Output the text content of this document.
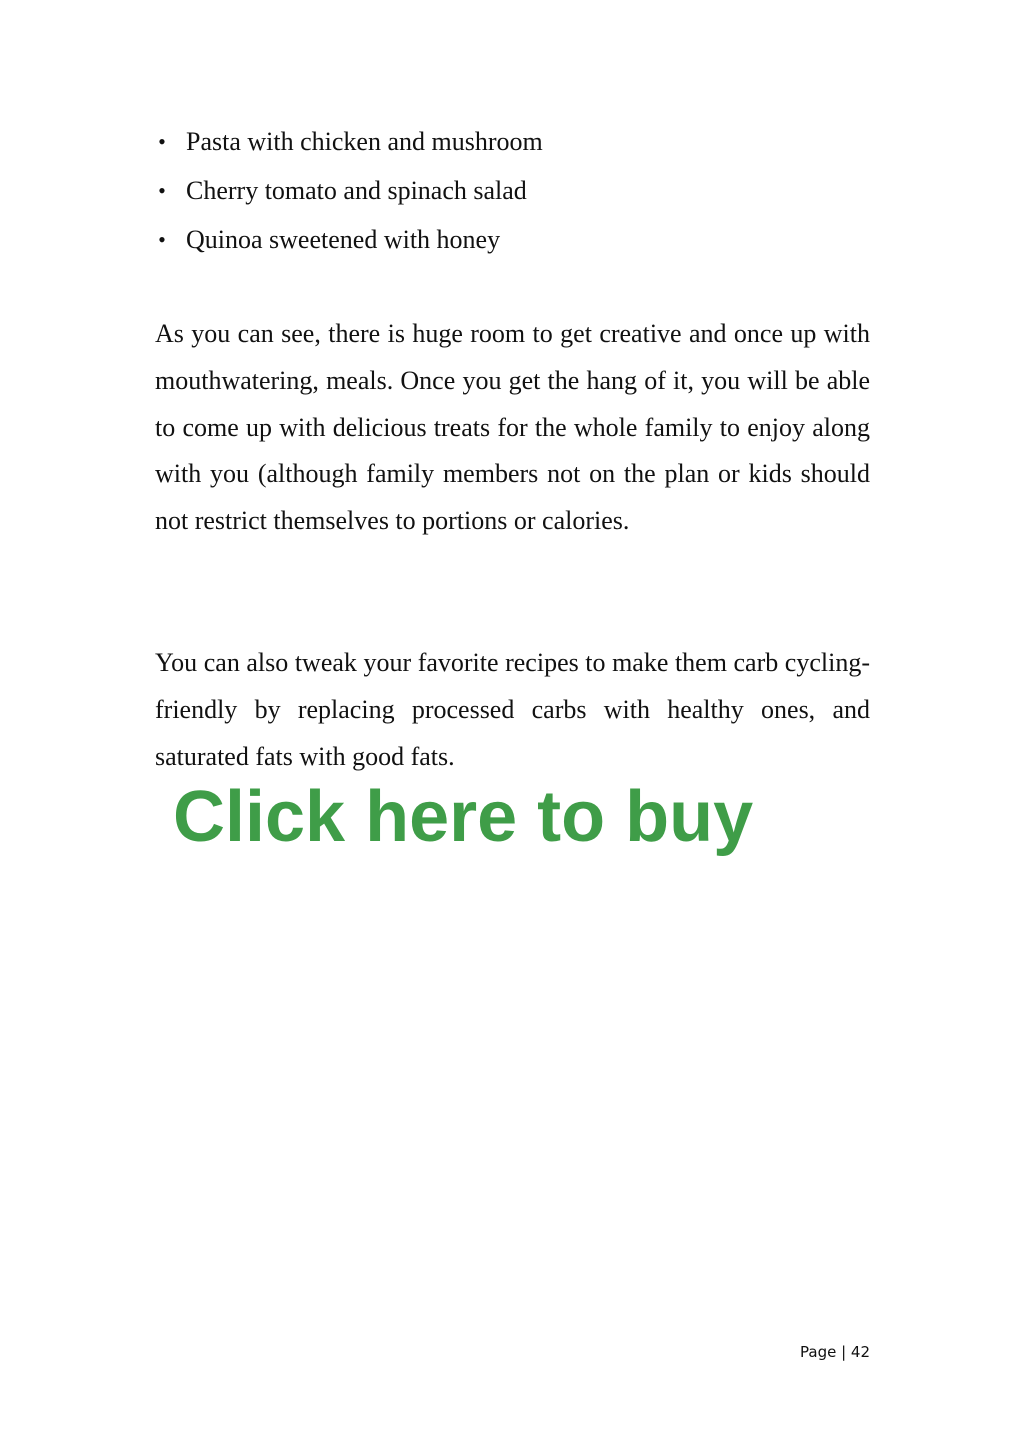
• Pasta with chicken and mushroom
• Cherry tomato and spinach salad
• Quinoa sweetened with honey

As you can see, there is huge room to get creative and once up with mouthwatering, meals. Once you get the hang of it, you will be able to come up with delicious treats for the whole family to enjoy along with you (although family members not on the plan or kids should not restrict themselves to portions or calories.

You can also tweak your favorite recipes to make them carb cycling-friendly by replacing processed carbs with healthy ones, and saturated fats with good fats.

Click here to buy
Page | 42
